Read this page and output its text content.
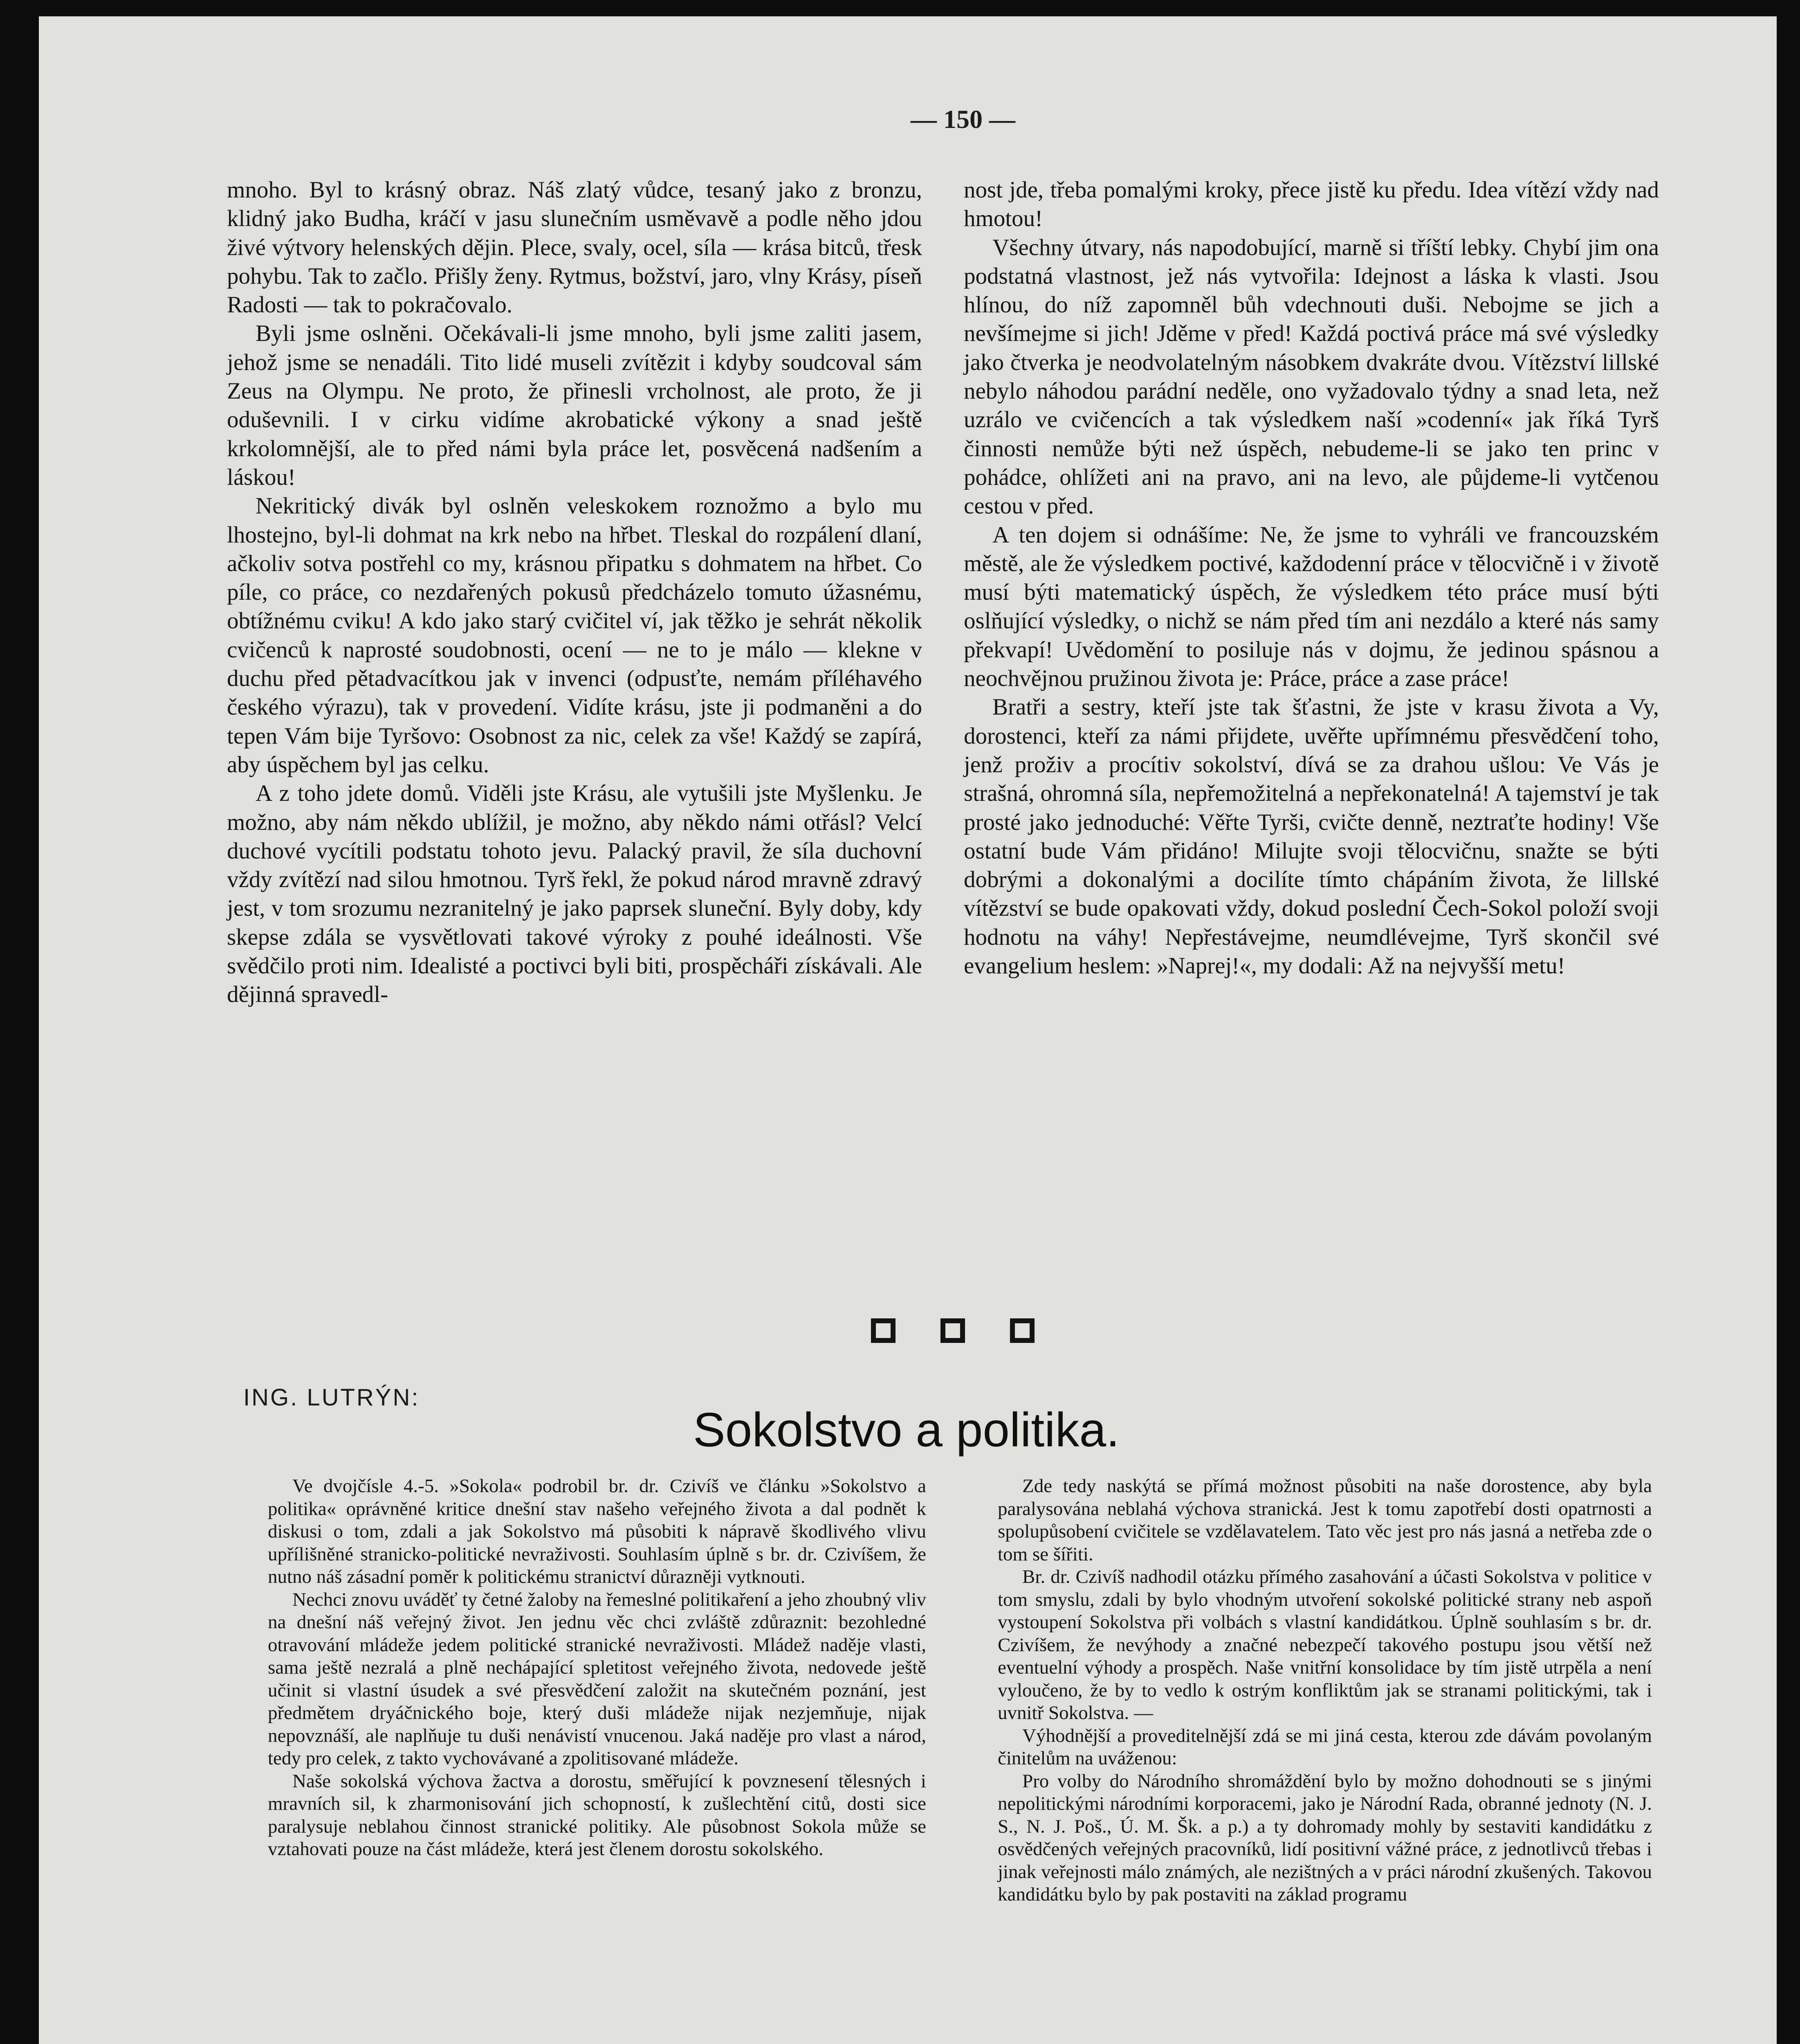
— 150 —

mnoho. Byl to krásný obraz. Náš zlatý vůdce, tesaný jako z bronzu, klidný jako Budha, kráčí v jasu slunečním usměvavě a podle něho jdou živé výtvory helenských dějin. Plece, svaly, ocel, síla — krása bitců, třesk pohybu. Tak to začlo. Přišly ženy. Rytmus, božství, jaro, vlny Krásy, píseň Radosti — tak to pokračovalo.

Byli jsme oslněni. Očekávali-li jsme mnoho, byli jsme zaliti jasem, jehož jsme se nenadáli. Tito lidé museli zvítězit i kdyby soudcoval sám Zeus na Olympu. Ne proto, že přinesli vrcholnost, ale proto, že ji oduševnili. I v cirku vidíme akrobatické výkony a snad ještě krkolomnější, ale to před námi byla práce let, posvěcená nadšením a láskou!

Nekritický divák byl oslněn veleskokem roznožmo a bylo mu lhostejno, byl-li dohmat na krk nebo na hřbet. Tleskal do rozpálení dlaní, ačkoliv sotva postřehl co my, krásnou připatku s dohmatem na hřbet. Co píle, co práce, co nezdařených pokusů předcházelo tomuto úžasnému, obtížnému cviku! A kdo jako starý cvičitel ví, jak těžko je sehrát několik cvičenců k naprosté soudobnosti, ocení — ne to je málo — klekne v duchu před pětadvacítkou jak v invenci (odpusťte, nemám příléhavého českého výrazu), tak v provedení. Vidíte krásu, jste ji podmaněni a do tepen Vám bije Tyršovo: Osobnost za nic, celek za vše! Každý se zapírá, aby úspěchem byl jas celku.

A z toho jdete domů. Viděli jste Krásu, ale vytušili jste Myšlenku. Je možno, aby nám někdo ublížil, je možno, aby někdo námi otřásl? Velcí duchové vycítili podstatu tohoto jevu. Palacký pravil, že síla duchovní vždy zvítězí nad silou hmotnou. Tyrš řekl, že pokud národ mravně zdravý jest, v tom srozumu nezranitelný je jako paprsek sluneční. Byly doby, kdy skepse zdála se vysvětlovati takové výroky z pouhé ideálnosti. Vše svědčilo proti nim. Idealisté a poctivci byli biti, prospěcháři získávali. Ale dějinná spravedl-

nost jde, třeba pomalými kroky, přece jistě ku předu. Idea vítězí vždy nad hmotou!

Všechny útvary, nás napodobující, marně si tříští lebky. Chybí jim ona podstatná vlastnost, jež nás vytvořila: Idejnost a láska k vlasti. Jsou hlínou, do níž zapomněl bůh vdechnouti duši. Nebojme se jich a nevšímejme si jich! Jděme v před! Každá poctivá práce má své výsledky jako čtverka je neodvolatelným násobkem dvakráte dvou. Vítězství lillské nebylo náhodou parádní neděle, ono vyžadovalo týdny a snad leta, než uzrálo ve cvičencích a tak výsledkem naší »codenní« jak říká Tyrš činnosti nemůže býti než úspěch, nebudeme-li se jako ten princ v pohádce, ohlížeti ani na pravo, ani na levo, ale půjdeme-li vytčenou cestou v před.

A ten dojem si odnášíme: Ne, že jsme to vyhráli ve francouzském městě, ale že výsledkem poctivé, každodenní práce v tělocvičně i v životě musí býti matematický úspěch, že výsledkem této práce musí býti oslňující výsledky, o nichž se nám před tím ani nezdálo a které nás samy překvapí! Uvědomění to posiluje nás v dojmu, že jedinou spásnou a neochvějnou pružinou života je: Práce, práce a zase práce!

Bratři a sestry, kteří jste tak šťastni, že jste v krasu života a Vy, dorostenci, kteří za námi přijdete, uvěřte upřímnému přesvědčení toho, jenž proživ a procítiv sokolství, dívá se za drahou ušlou: Ve Vás je strašná, ohromná síla, nepřemožitelná a nepřekonatelná! A tajemství je tak prosté jako jednoduché: Věřte Tyrši, cvičte denně, neztraťte hodiny! Vše ostatní bude Vám přidáno! Milujte svoji tělocvičnu, snažte se býti dobrými a dokonalými a docilíte tímto chápáním života, že lillské vítězství se bude opakovati vždy, dokud poslední Čech-Sokol položí svoji hodnotu na váhy! Nepřestávejme, neumdlévejme, Tyrš skončil své evangelium heslem: »Naprej!«, my dodali: Až na nejvyšší metu!

ING. LUTRÝN:
Sokolstvo a politika.

Ve dvojčísle 4.-5. »Sokola« podrobil br. dr. Czivíš ve článku »Sokolstvo a politika« oprávněné kritice dnešní stav našeho veřejného života a dal podnět k diskusi o tom, zdali a jak Sokolstvo má působiti k nápravě škodlivého vlivu upřílišněné stranicko-politické nevraživosti. Souhlasím úplně s br. dr. Czivíšem, že nutno náš zásadní poměr k politickému stranictví důrazněji vytknouti.

Nechci znovu uváděť ty četné žaloby na řemeslné politikaření a jeho zhoubný vliv na dnešní náš veřejný život. Jen jednu věc chci zvláště zdůraznit: bezohledné otravování mládeže jedem politické stranické nevraživosti. Mládež naděje vlasti, sama ještě nezralá a plně nechápající spletitost veřejného života, nedovede ještě učinit si vlastní úsudek a své přesvědčení založit na skutečném poznání, jest předmětem dryáčnického boje, který duši mládeže nijak nezjemňuje, nijak nepovznáší, ale naplňuje tu duši nenávistí vnucenou. Jaká naděje pro vlast a národ, tedy pro celek, z takto vychovávané a zpolitisované mládeže.

Naše sokolská výchova žactva a dorostu, směřující k povznesení tělesných i mravních sil, k zharmonisování jich schopností, k zušlechtění citů, dosti sice paralysuje neblahou činnost stranické politiky. Ale působnost Sokola může se vztahovati pouze na část mládeže, která jest členem dorostu sokolského.

Zde tedy naskýtá se přímá možnost působiti na naše dorostence, aby byla paralysována neblahá výchova stranická. Jest k tomu zapotřebí dosti opatrnosti a spolupůsobení cvičitele se vzdělavatelem. Tato věc jest pro nás jasná a netřeba zde o tom se šířiti.

Br. dr. Czivíš nadhodil otázku přímého zasahování a účasti Sokolstva v politice v tom smyslu, zdali by bylo vhodným utvoření sokolské politické strany neb aspoň vystoupení Sokolstva při volbách s vlastní kandidátkou. Úplně souhlasím s br. dr. Czivíšem, že nevýhody a značné nebezpečí takového postupu jsou větší než eventuelní výhody a prospěch. Naše vnitřní konsolidace by tím jistě utrpěla a není vyloučeno, že by to vedlo k ostrým konfliktům jak se stranami politickými, tak i uvnitř Sokolstva. —

Výhodnější a proveditelnější zdá se mi jiná cesta, kterou zde dávám povolaným činitelům na uváženou:

Pro volby do Národního shromáždění bylo by možno dohodnouti se s jinými nepolitickými národními korporacemi, jako je Národní Rada, obranné jednoty (N. J. S., N. J. Poš., Ú. M. Šk. a p.) a ty dohromady mohly by sestaviti kandidátku z osvědčených veřejných pracovníků, lidí positivní vážné práce, z jednotlivců třebas i jinak veřejnosti málo známých, ale nezištných a v práci národní zkušených. Takovou kandidátku bylo by pak postaviti na základ programu
